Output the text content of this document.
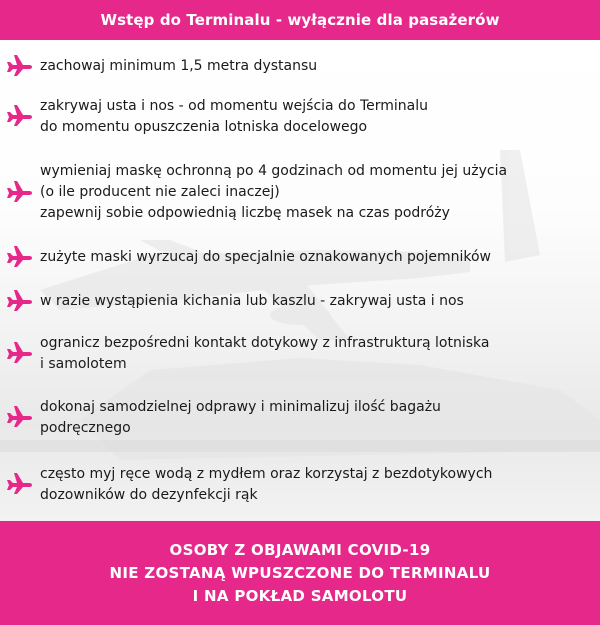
Wstęp do Terminalu - wyłącznie dla pasażerów
zachowaj minimum 1,5 metra dystansu
zakrywaj usta i nos - od momentu wejścia do Terminalu
do momentu opuszczenia lotniska docelowego
wymieniaj maskę ochronną po 4 godzinach od momentu jej użycia
(o ile producent nie zaleci inaczej)
zapewnij sobie odpowiednią liczbę masek na czas podróży
zużyte maski wyrzucaj do specjalnie oznakowanych pojemników
w razie wystąpienia kichania lub kaszlu - zakrywaj usta i nos
ogranicz bezpośredni kontakt dotykowy z infrastrukturą lotniska
i samolotem
dokonaj samodzielnej odprawy i minimalizuj ilość bagażu
podręcznego
często myj ręce wodą z mydłem oraz korzystaj z bezdotykowych
dozowników do dezynfekcji rąk
OSOBY Z OBJAWAMI COVID-19
NIE ZOSTANĄ WPUSZCZONE DO TERMINALU
I NA POKŁAD SAMOLOTU
